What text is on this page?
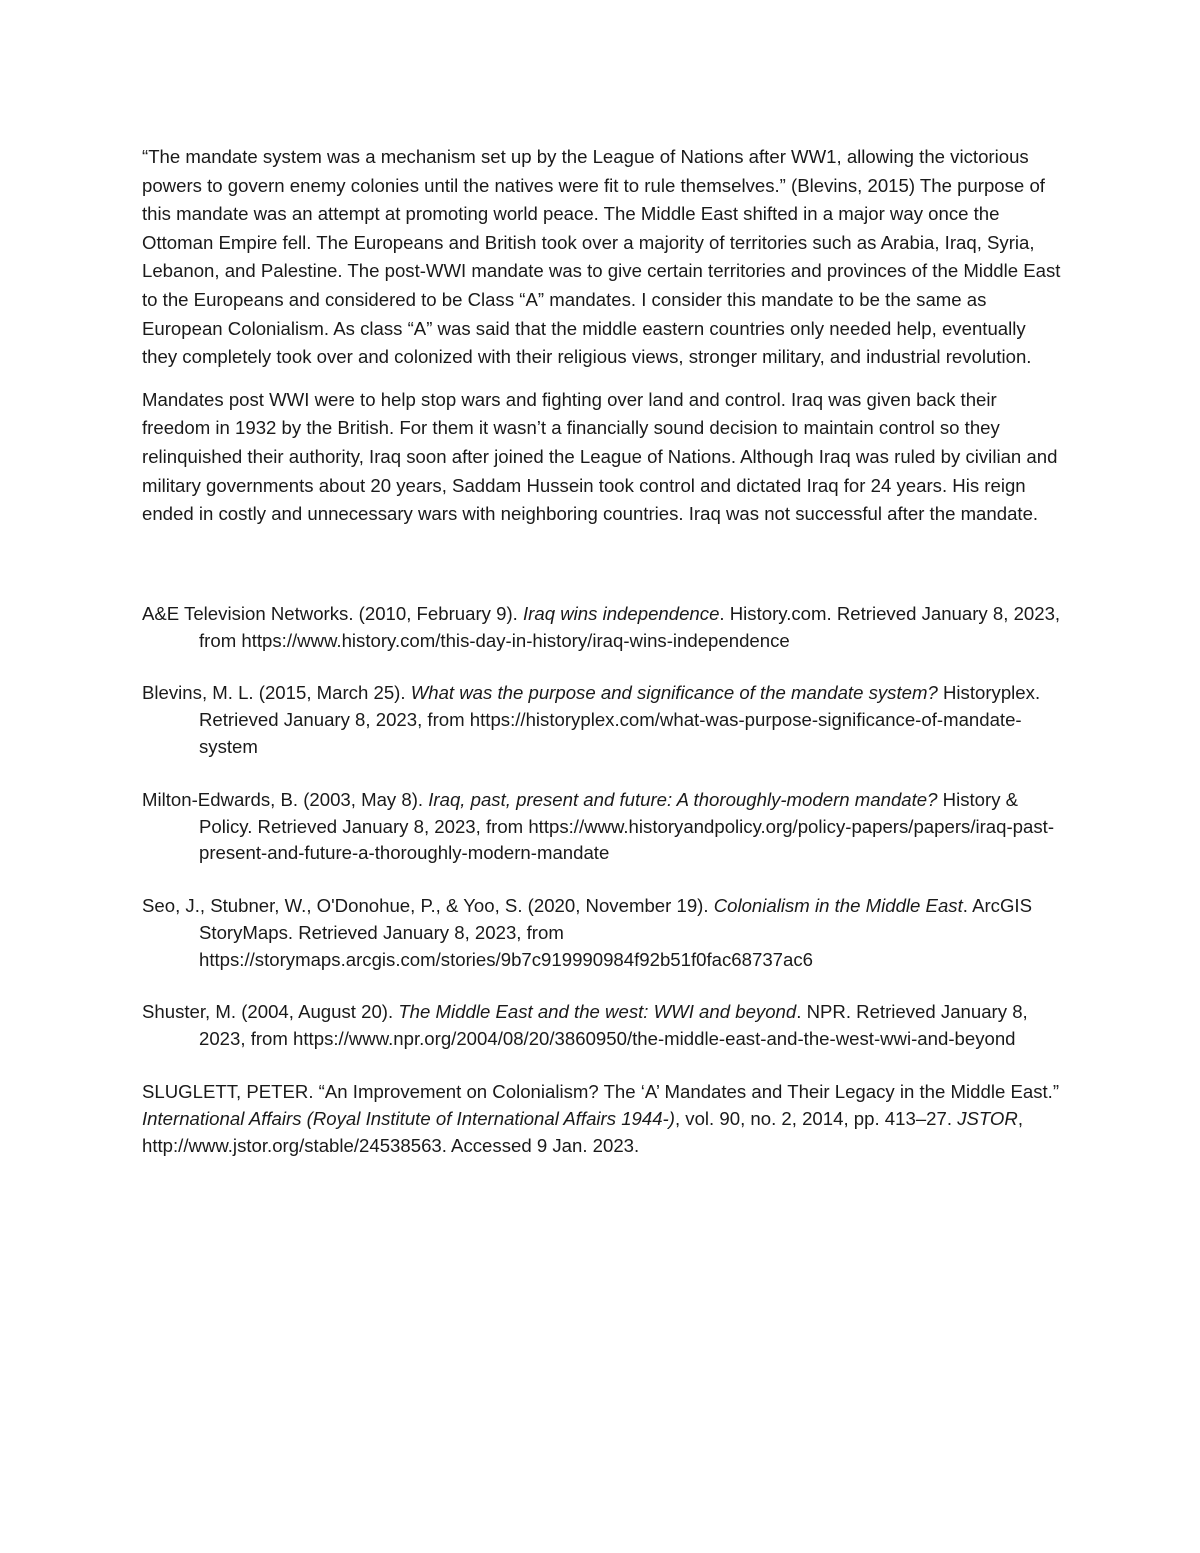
“The mandate system was a mechanism set up by the League of Nations after WW1, allowing the victorious powers to govern enemy colonies until the natives were fit to rule themselves.” (Blevins, 2015) The purpose of this mandate was an attempt at promoting world peace. The Middle East shifted in a major way once the Ottoman Empire fell. The Europeans and British took over a majority of territories such as Arabia, Iraq, Syria, Lebanon, and Palestine. The post-WWI mandate was to give certain territories and provinces of the Middle East to the Europeans and considered to be Class “A” mandates. I consider this mandate to be the same as European Colonialism. As class “A” was said that the middle eastern countries only needed help, eventually they completely took over and colonized with their religious views, stronger military, and industrial revolution.

Mandates post WWI were to help stop wars and fighting over land and control. Iraq was given back their freedom in 1932 by the British. For them it wasn’t a financially sound decision to maintain control so they relinquished their authority, Iraq soon after joined the League of Nations. Although Iraq was ruled by civilian and military governments about 20 years, Saddam Hussein took control and dictated Iraq for 24 years. His reign ended in costly and unnecessary wars with neighboring countries. Iraq was not successful after the mandate.

A&E Television Networks. (2010, February 9). Iraq wins independence. History.com. Retrieved January 8, 2023, from https://www.history.com/this-day-in-history/iraq-wins-independence

Blevins, M. L. (2015, March 25). What was the purpose and significance of the mandate system? Historyplex. Retrieved January 8, 2023, from https://historyplex.com/what-was-purpose-significance-of-mandate-system

Milton-Edwards, B. (2003, May 8). Iraq, past, present and future: A thoroughly-modern mandate? History & Policy. Retrieved January 8, 2023, from https://www.historyandpolicy.org/policy-papers/papers/iraq-past-present-and-future-a-thoroughly-modern-mandate

Seo, J., Stubner, W., O'Donohue, P., & Yoo, S. (2020, November 19). Colonialism in the Middle East. ArcGIS StoryMaps. Retrieved January 8, 2023, from https://storymaps.arcgis.com/stories/9b7c919990984f92b51f0fac68737ac6

Shuster, M. (2004, August 20). The Middle East and the west: WWI and beyond. NPR. Retrieved January 8, 2023, from https://www.npr.org/2004/08/20/3860950/the-middle-east-and-the-west-wwi-and-beyond

SLUGLETT, PETER. “An Improvement on Colonialism? The ‘A’ Mandates and Their Legacy in the Middle East.” International Affairs (Royal Institute of International Affairs 1944-), vol. 90, no. 2, 2014, pp. 413–27. JSTOR, http://www.jstor.org/stable/24538563. Accessed 9 Jan. 2023.
